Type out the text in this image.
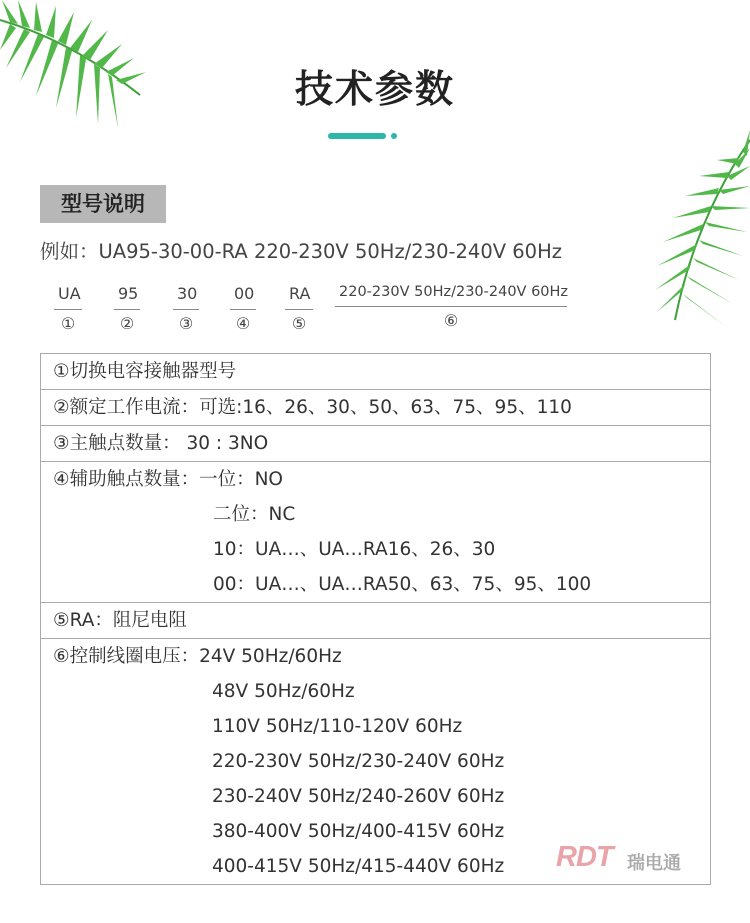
技术参数
型号说明
例如：UA95-30-00-RA 220-230V 50Hz/230-240V 60Hz
UA
①
95
②
30
③
00
④
RA
⑤
220-230V 50Hz/230-240V 60Hz
⑥
①切换电容接触器型号
②额定工作电流：可选:16、26、30、50、63、75、95、110
③主触点数量： 30 : 3NO
④辅助触点数量：一位：NO
二位：NC
10：UA…、UA…RA16、26、30
00：UA…、UA…RA50、63、75、95、100
⑤RA：阻尼电阻
⑥控制线圈电压：24V 50Hz/60Hz
48V 50Hz/60Hz
110V 50Hz/110-120V 60Hz
220-230V 50Hz/230-240V 60Hz
230-240V 50Hz/240-260V 60Hz
380-400V 50Hz/400-415V 60Hz
400-415V 50Hz/415-440V 60Hz	RDT 瑞电通
